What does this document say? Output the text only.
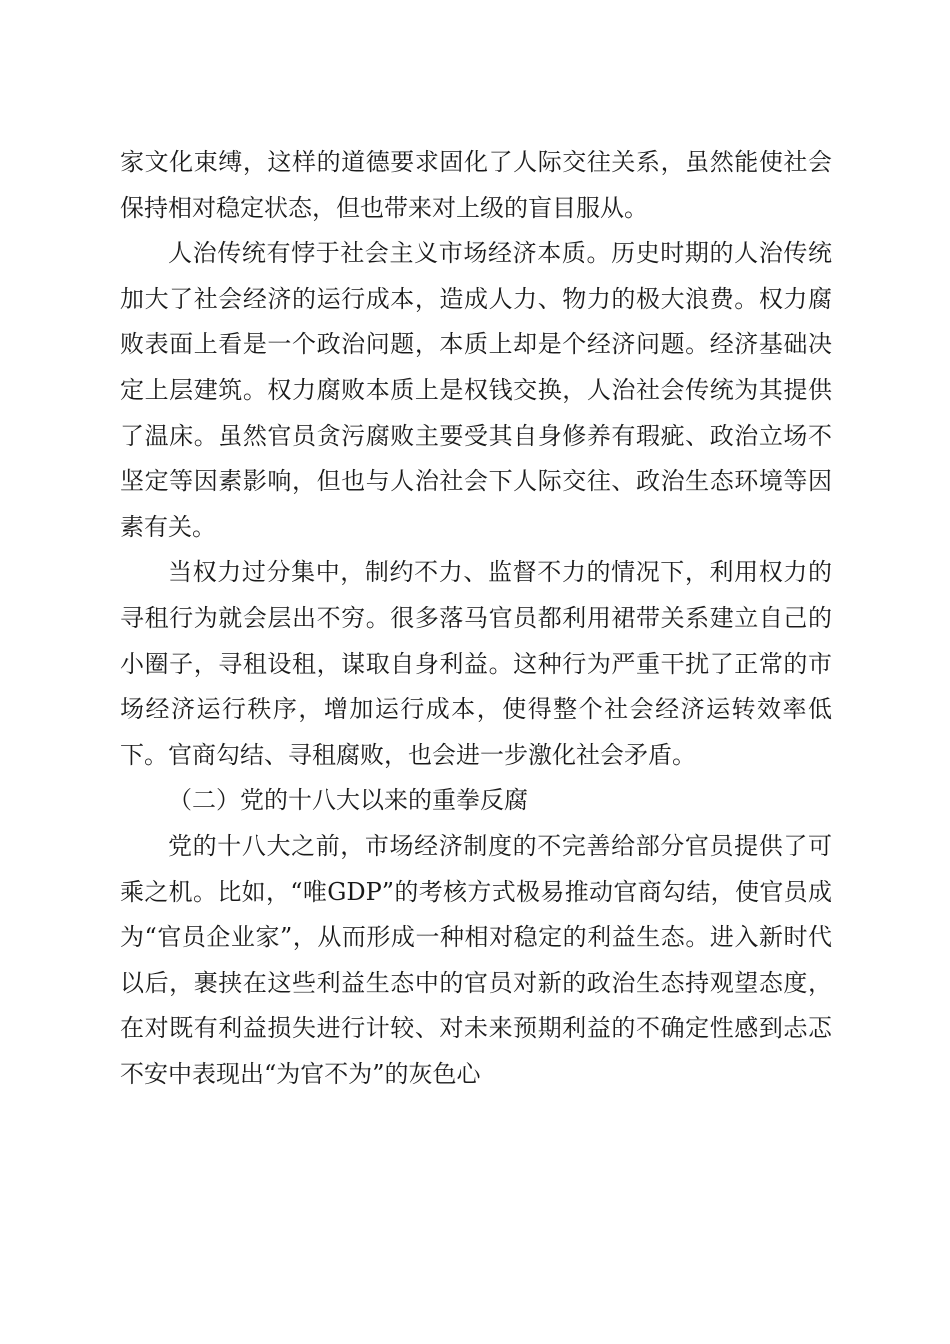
家文化束缚，这样的道德要求固化了人际交往关系，虽然能使社会保持相对稳定状态，但也带来对上级的盲目服从。

人治传统有悖于社会主义市场经济本质。历史时期的人治传统加大了社会经济的运行成本，造成人力、物力的极大浪费。权力腐败表面上看是一个政治问题，本质上却是个经济问题。经济基础决定上层建筑。权力腐败本质上是权钱交换，人治社会传统为其提供了温床。虽然官员贪污腐败主要受其自身修养有瑕疵、政治立场不坚定等因素影响，但也与人治社会下人际交往、政治生态环境等因素有关。

当权力过分集中，制约不力、监督不力的情况下，利用权力的寻租行为就会层出不穷。很多落马官员都利用裙带关系建立自己的小圈子，寻租设租，谋取自身利益。这种行为严重干扰了正常的市场经济运行秩序，增加运行成本，使得整个社会经济运转效率低下。官商勾结、寻租腐败，也会进一步激化社会矛盾。

（二）党的十八大以来的重拳反腐

党的十八大之前，市场经济制度的不完善给部分官员提供了可乘之机。比如，“唯GDP”的考核方式极易推动官商勾结，使官员成为“官员企业家”，从而形成一种相对稳定的利益生态。进入新时代以后，裹挟在这些利益生态中的官员对新的政治生态持观望态度，在对既有利益损失进行计较、对未来预期利益的不确定性感到忐忑不安中表现出“为官不为”的灰色心
